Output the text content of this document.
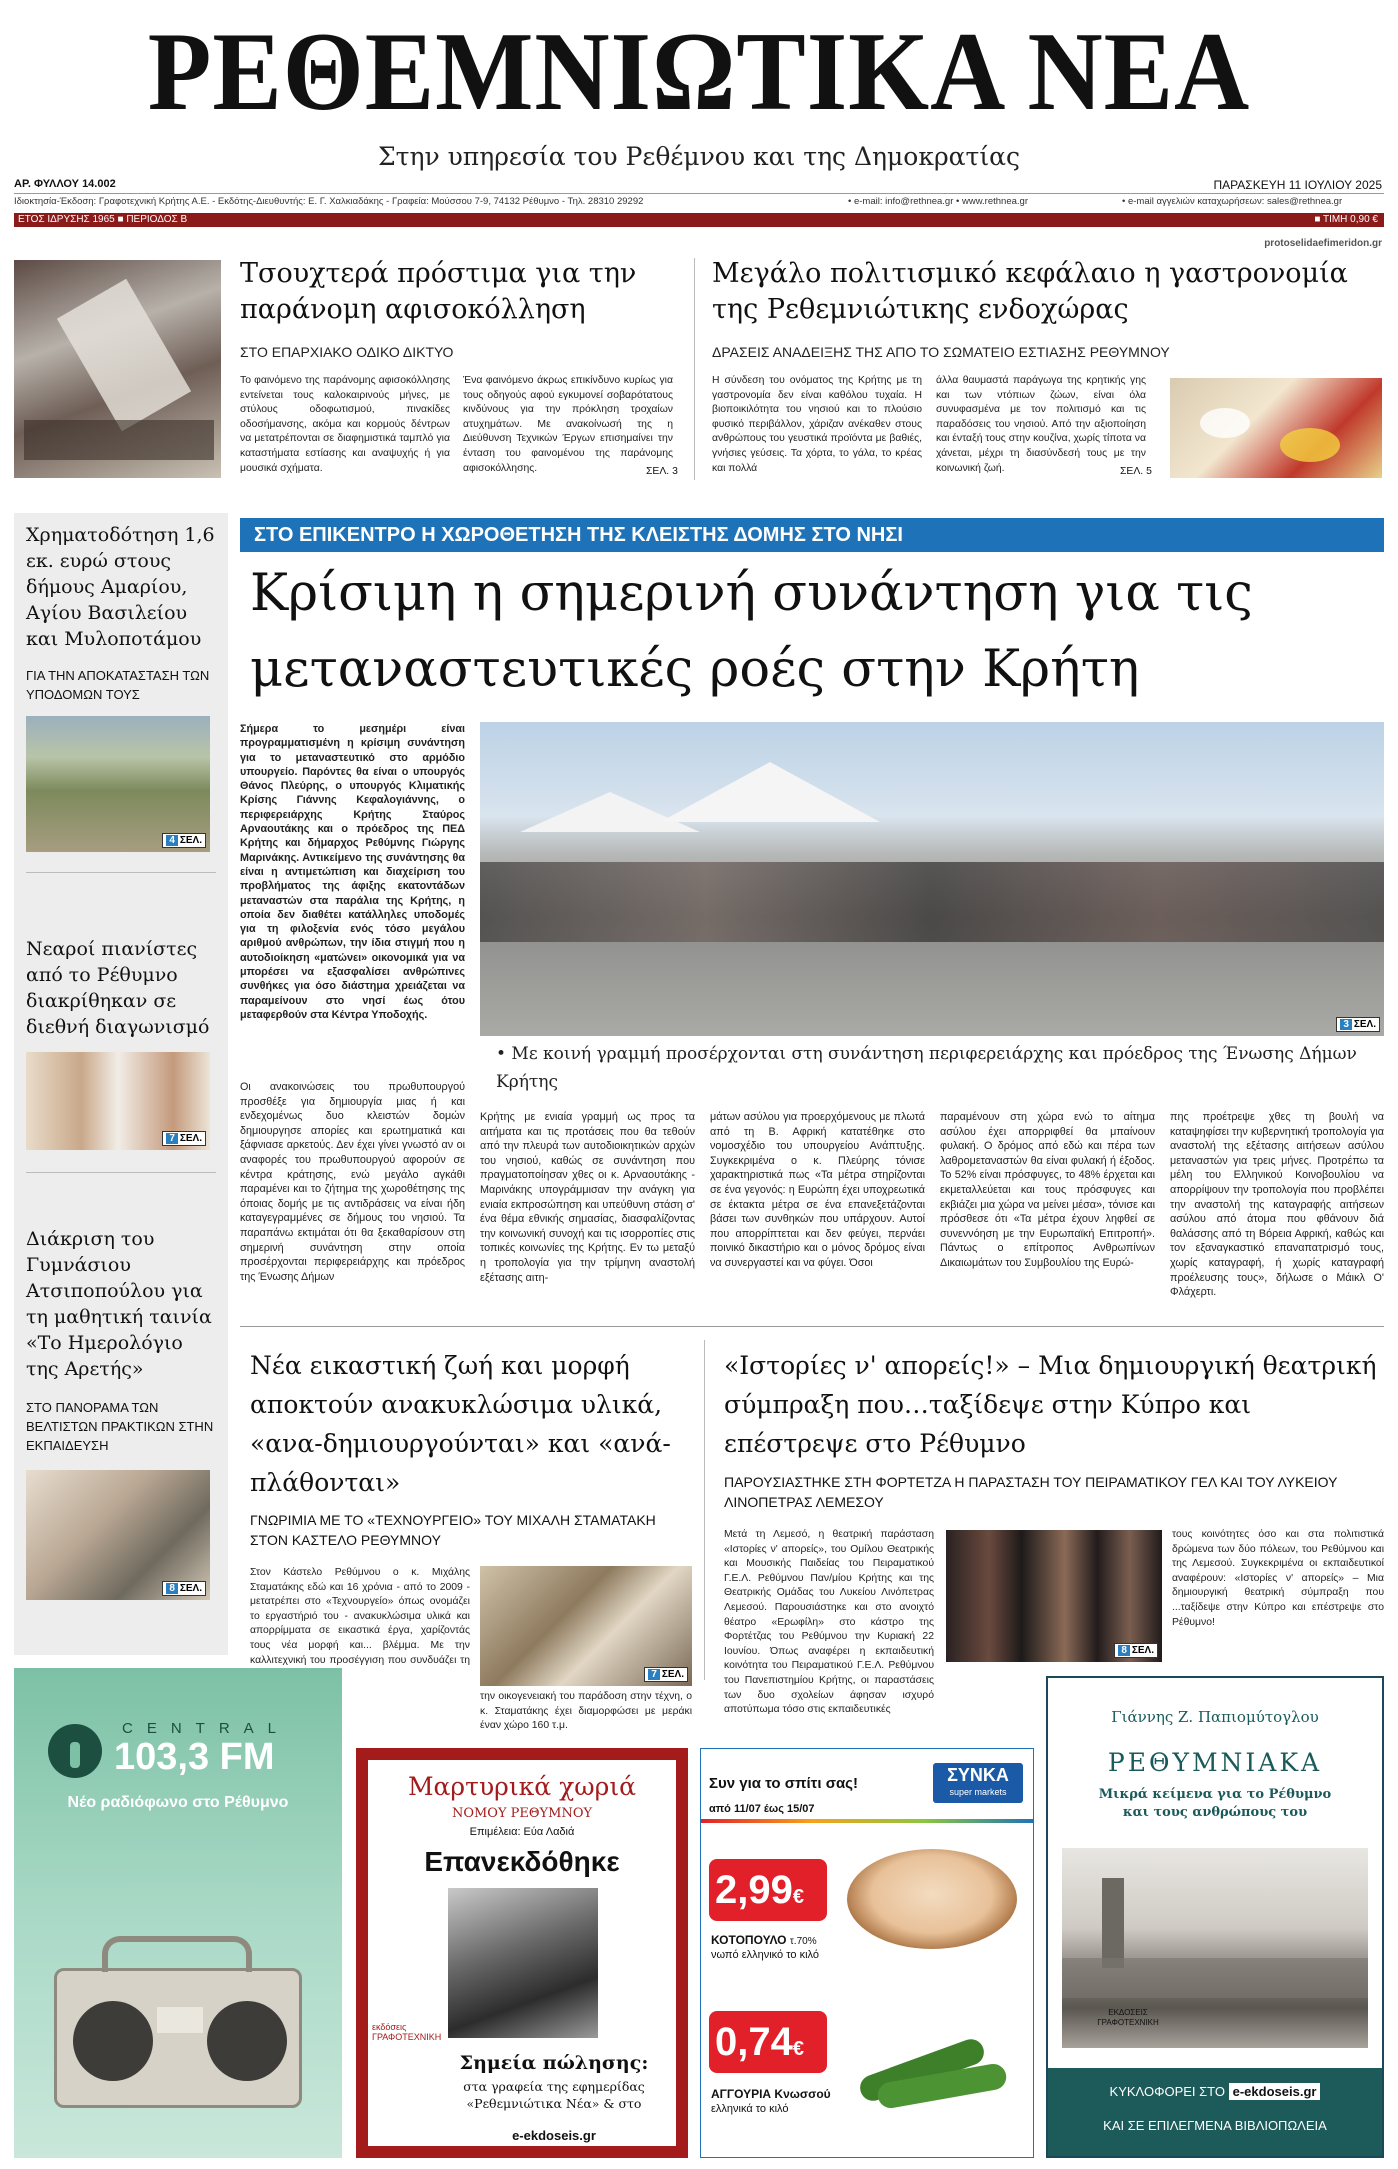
ΡΕΘΕΜΝΙΩΤΙΚΑ ΝΕΑ
Στην υπηρεσία του Ρεθέμνου και της Δημοκρατίας
ΑΡ. ΦΥΛΛΟΥ 14.002	ΠΑΡΑΣΚΕΥΗ 11 ΙΟΥΛΙΟΥ 2025
Ιδιοκτησία-Έκδοση: Γραφοτεχνική Κρήτης Α.Ε. - Εκδότης-Διευθυντής: Ε. Γ. Χαλκιαδάκης - Γραφεία: Μούσσου 7-9, 74132 Ρέθυμνο - Τηλ. 28310 29292	• e-mail: info@rethnea.gr • www.rethnea.gr	• e-mail αγγελιών καταχωρήσεων: sales@rethnea.gr
ΕΤΟΣ ΙΔΡΥΣΗΣ 1965 ■ ΠΕΡΙΟΔΟΣ Β	■ ΤΙΜΗ 0,90 €
protoselidaefimeridon.gr
Τσουχτερά πρόστιμα για την παράνομη αφισοκόλληση
ΣΤΟ ΕΠΑΡΧΙΑΚΟ ΟΔΙΚΟ ΔΙΚΤΥΟ
Το φαινόμενο της παράνομης αφισοκόλλησης εντείνεται τους καλοκαιρινούς μήνες, με στύλους οδοφωτισμού, πινακίδες οδοσήμανσης, ακόμα και κορμούς δέντρων να μετατρέπονται σε διαφημιστικά ταμπλό για καταστήματα εστίασης και αναψυχής ή για μουσικά σχήματα.
Ένα φαινόμενο άκρως επικίνδυνο κυρίως για τους οδηγούς αφού εγκυμονεί σοβαρότατους κινδύνους για την πρόκληση τροχαίων ατυχημάτων. Με ανακοίνωσή της η Διεύθυνση Τεχνικών Έργων επισημαίνει την ένταση του φαινομένου της παράνομης αφισοκόλλησης.	ΣΕΛ. 3
Μεγάλο πολιτισμικό κεφάλαιο η γαστρονομία της Ρεθεμνιώτικης ενδοχώρας
ΔΡΑΣΕΙΣ ΑΝΑΔΕΙΞΗΣ ΤΗΣ ΑΠΟ ΤΟ ΣΩΜΑΤΕΙΟ ΕΣΤΙΑΣΗΣ ΡΕΘΥΜΝΟΥ
Η σύνδεση του ονόματος της Κρήτης με τη γαστρονομία δεν είναι καθόλου τυχαία. Η βιοποικιλότητα του νησιού και το πλούσιο φυσικό περιβάλλον, χάριζαν ανέκαθεν στους ανθρώπους του γευστικά προϊόντα με βαθιές, γνήσιες γεύσεις. Τα χόρτα, το γάλα, το κρέας και πολλά
άλλα θαυμαστά παράγωγα της κρητικής γης και των ντόπιων ζώων, είναι όλα συνυφασμένα με τον πολιτισμό και τις παραδόσεις του νησιού. Από την αξιοποίηση και ένταξή τους στην κουζίνα, χωρίς τίποτα να χάνεται, μέχρι τη διασύνδεσή τους με την κοινωνική ζωή.	ΣΕΛ. 5
Χρηματοδότηση 1,6 εκ. ευρώ στους δήμους Αμαρίου, Αγίου Βασιλείου και Μυλοποτάμου
ΓΙΑ ΤΗΝ ΑΠΟΚΑΤΑΣΤΑΣΗ ΤΩΝ ΥΠΟΔΟΜΩΝ ΤΟΥΣ
4 ΣΕΛ.
Νεαροί πιανίστες από το Ρέθυμνο διακρίθηκαν σε διεθνή διαγωνισμό
7 ΣΕΛ.
Διάκριση του Γυμνάσιου Ατσιποπούλου για τη μαθητική ταινία «Το Ημερολόγιο της Αρετής»
ΣΤΟ ΠΑΝΟΡΑΜΑ ΤΩΝ ΒΕΛΤΙΣΤΩΝ ΠΡΑΚΤΙΚΩΝ ΣΤΗΝ ΕΚΠΑΙΔΕΥΣΗ
8 ΣΕΛ.
ΣΤΟ ΕΠΙΚΕΝΤΡΟ Η ΧΩΡΟΘΕΤΗΣΗ ΤΗΣ ΚΛΕΙΣΤΗΣ ΔΟΜΗΣ ΣΤΟ ΝΗΣΙ
Κρίσιμη η σημερινή συνάντηση για τις μεταναστευτικές ροές στην Κρήτη
Σήμερα το μεσημέρι είναι προγραμματισμένη η κρίσιμη συνάντηση για το μεταναστευτικό στο αρμόδιο υπουργείο. Παρόντες θα είναι ο υπουργός Θάνος Πλεύρης, ο υπουργός Κλιματικής Κρίσης Γιάννης Κεφαλογιάννης, ο περιφερειάρχης Κρήτης Σταύρος Αρναουτάκης και ο πρόεδρος της ΠΕΔ Κρήτης και δήμαρχος Ρεθύμνης Γιώργης Μαρινάκης. Αντικείμενο της συνάντησης θα είναι η αντιμετώπιση και διαχείριση του προβλήματος της άφιξης εκατοντάδων μεταναστών στα παράλια της Κρήτης, η οποία δεν διαθέτει κατάλληλες υποδομές για τη φιλοξενία ενός τόσο μεγάλου αριθμού ανθρώπων, την ίδια στιγμή που η αυτοδιοίκηση «ματώνει» οικονομικά για να μπορέσει να εξασφαλίσει ανθρώπινες συνθήκες για όσο διάστημα χρειάζεται να παραμείνουν στο νησί έως ότου μεταφερθούν στα Κέντρα Υποδοχής.
3 ΣΕΛ.
• Με κοινή γραμμή προσέρχονται στη συνάντηση περιφερειάρχης και πρόεδρος της Ένωσης Δήμων Κρήτης
Οι ανακοινώσεις του πρωθυπουργού προσθέξε για δημιουργία μιας ή και ενδεχομένως δυο κλειστών δομών δημιουργησε απορίες και ερωτηματικά και ξάφνιασε αρκετούς. Δεν έχει γίνει γνωστό αν οι αναφορές του πρωθυπουργού αφορούν σε κέντρα κράτησης, ενώ μεγάλο αγκάθι παραμένει και το ζήτημα της χωροθέτησης της όποιας δομής με τις αντιδράσεις να είναι ήδη καταγεγραμμένες σε δήμους του νησιού. Τα παραπάνω εκτιμάται ότι θα ξεκαθαρίσουν στη σημερινή συνάντηση στην οποία προσέρχονται περιφερειάρχης και πρόεδρος της Ένωσης Δήμων
Κρήτης με ενιαία γραμμή ως προς τα αιτήματα και τις προτάσεις που θα τεθούν από την πλευρά των αυτοδιοικητικών αρχών του νησιού, καθώς σε συνάντηση που πραγματοποίησαν χθες οι κ. Αρναουτάκης - Μαρινάκης υπογράμμισαν την ανάγκη για ενιαία εκπροσώπηση και υπεύθυνη στάση σ' ένα θέμα εθνικής σημασίας, διασφαλίζοντας την κοινωνική συνοχή και τις ισορροπίες στις τοπικές κοινωνίες της Κρήτης. Εν τω μεταξύ η τροπολογία για την τρίμηνη αναστολή εξέτασης αιτη-
μάτων ασύλου για προερχόμενους με πλωτά από τη Β. Αφρική κατατέθηκε στο νομοσχέδιο του υπουργείου Ανάπτυξης. Συγκεκριμένα ο κ. Πλεύρης τόνισε χαρακτηριστικά πως «Τα μέτρα στηρίζονται σε ένα γεγονός: η Ευρώπη έχει υποχρεωτικά σε έκτακτα μέτρα σε ένα επανεξετάζονται βάσει των συνθηκών που υπάρχουν. Αυτοί που απορρίπτεται και δεν φεύγει, περνάει ποινικό δικαστήριο και ο μόνος δρόμος είναι να συνεργαστεί και να φύγει. Όσοι
παραμένουν στη χώρα ενώ το αίτημα ασύλου έχει απορριφθεί θα μπαίνουν φυλακή. Ο δρόμος από εδώ και πέρα των λαθρομεταναστών θα είναι φυλακή ή έξοδος. Το 52% είναι πρόσφυγες, το 48% έρχεται και εκμεταλλεύεται και τους πρόσφυγες και εκβιάζει μια χώρα να μείνει μέσα», τόνισε και πρόσθεσε ότι «Τα μέτρα έχουν ληφθεί σε συνεννόηση με την Ευρωπαϊκή Επιτροπή». Πάντως ο επίτροπος Ανθρωπίνων Δικαιωμάτων του Συμβουλίου της Ευρώ-
πης προέτρεψε χθες τη βουλή να καταψηφίσει την κυβερνητική τροπολογία για αναστολή της εξέτασης αιτήσεων ασύλου μεταναστών για τρεις μήνες. Προτρέπω τα μέλη του Ελληνικού Κοινοβουλίου να απορρίψουν την τροπολογία που προβλέπει την αναστολή της καταγραφής αιτήσεων ασύλου από άτομα που φθάνουν διά θαλάσσης από τη Βόρεια Αφρική, καθώς και τον εξαναγκαστικό επαναπατρισμό τους, χωρίς καταγραφή, ή χωρίς καταγραφή προέλευσης τους», δήλωσε ο Μάικλ Ο' Φλάχερτι.
Νέα εικαστική ζωή και μορφή αποκτούν ανακυκλώσιμα υλικά, «ανα-δημιουργούνται» και «ανά-πλάθονται»
ΓΝΩΡΙΜΙΑ ΜΕ ΤΟ «ΤΕΧΝΟΥΡΓΕΙΟ» ΤΟΥ ΜΙΧΑΛΗ ΣΤΑΜΑΤΑΚΗ ΣΤΟΝ ΚΑΣΤΕΛΟ ΡΕΘΥΜΝΟΥ
Στον Κάστελο Ρεθύμνου ο κ. Μιχάλης Σταματάκης εδώ και 16 χρόνια - από το 2009 - μετατρέπει στο «Τεχνουργείο» όπως ονομάζει το εργαστήριό του - ανακυκλώσιμα υλικά και απορρίμματα σε εικαστικά έργα, χαρίζοντάς τους νέα μορφή και... βλέμμα. Με την καλλιτεχνική του προσέγγιση που συνδυάζει τη
7 ΣΕΛ.
την οικογενειακή του παράδοση στην τέχνη, ο κ. Σταματάκης έχει διαμορφώσει με μεράκι έναν χώρο 160 τ.μ.
«Ιστορίες ν' απορείς!» – Μια δημιουργική θεατρική σύμπραξη που…ταξίδεψε στην Κύπρο και επέστρεψε στο Ρέθυμνο
ΠΑΡΟΥΣΙΑΣΤΗΚΕ ΣΤΗ ΦΟΡΤΕΤΖΑ Η ΠΑΡΑΣΤΑΣΗ ΤΟΥ ΠΕΙΡΑΜΑΤΙΚΟΥ ΓΕΛ ΚΑΙ ΤΟΥ ΛΥΚΕΙΟΥ ΛΙΝΟΠΕΤΡΑΣ ΛΕΜΕΣΟΥ
Μετά τη Λεμεσό, η θεατρική παράσταση «Ιστορίες ν' απορείς», του Ομίλου Θεατρικής και Μουσικής Παιδείας του Πειραματικού Γ.Ε.Λ. Ρεθύμνου Παν/μίου Κρήτης και της Θεατρικής Ομάδας του Λυκείου Λινόπετρας Λεμεσού. Παρουσιάστηκε και στο ανοιχτό θέατρο «Ερωφίλη» στο κάστρο της Φορτέτζας του Ρεθύμνου την Κυριακή 22 Ιουνίου. Όπως αναφέρει η εκπαιδευτική κοινότητα του Πειραματικού Γ.Ε.Λ. Ρεθύμνου του Πανεπιστημίου Κρήτης, οι παραστάσεις των δυο σχολείων άφησαν ισχυρό αποτύπωμα τόσο στις εκπαιδευτικές
8 ΣΕΛ.
τους κοινότητες όσο και στα πολιτιστικά δρώμενα των δύο πόλεων, του Ρεθύμνου και της Λεμεσού. Συγκεκριμένα οι εκπαιδευτικοί αναφέρουν: «Ιστορίες ν' απορείς» – Μια δημιουργική θεατρική σύμπραξη που ...ταξίδεψε στην Κύπρο και επέστρεψε στο Ρέθυμνο!
CENTRAL
103,3 FM
Νέο ραδιόφωνο στο Ρέθυμνο
Μαρτυρικά χωριά
ΝΟΜΟΥ ΡΕΘΥΜΝΟΥ
Επιμέλεια: Εύα Λαδιά
Επανεκδόθηκε
εκδόσεις ΓΡΑΦΟΤΕΧΝΙΚΗ
Σημεία πώλησης:
στα γραφεία της εφημερίδας «Ρεθεμνιώτικα Νέα» & στο
e-ekdoseis.gr
Συν για το σπίτι σας!
από 11/07 έως 15/07
ΣΥΝΚΑ
super markets
2,99€
ΚΟΤΟΠΟΥΛΟ τ.70%
νωπό ελληνικό το κιλό
0,74€
ΑΓΓΟΥΡΙΑ Κνωσσού
ελληνικά το κιλό
Γιάννης Ζ. Παπιομύτογλου
ΡΕΘΥΜΝΙΑΚΑ
Μικρά κείμενα για το Ρέθυμνο και τους ανθρώπους του
ΕΚΔΟΣΕΙΣ ΓΡΑΦΟΤΕΧΝΙΚΗ
ΚΥΚΛΟΦΟΡΕΙ ΣΤΟ e-ekdoseis.gr
ΚΑΙ ΣΕ ΕΠΙΛΕΓΜΕΝΑ ΒΙΒΛΙΟΠΩΛΕΙΑ
